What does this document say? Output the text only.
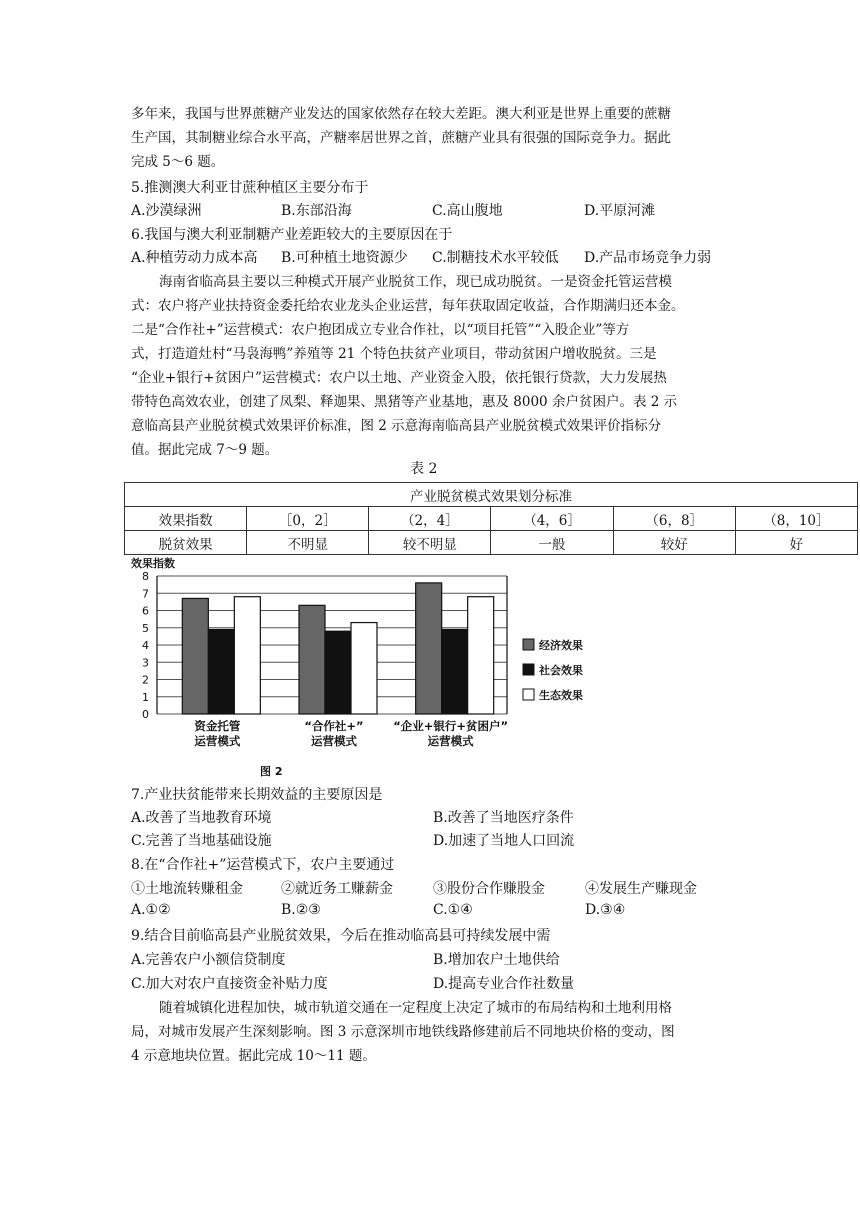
多年来，我国与世界蔗糖产业发达的国家依然存在较大差距。澳大利亚是世界上重要的蔗糖
生产国，其制糖业综合水平高，产糖率居世界之首，蔗糖产业具有很强的国际竞争力。据此
完成 5～6 题。
5.推测澳大利亚甘蔗种植区主要分布于
A.沙漠绿洲	B.东部沿海	C.高山腹地	D.平原河滩
6.我国与澳大利亚制糖产业差距较大的主要原因在于
A.种植劳动力成本高 B.可种植土地资源少 C.制糖技术水平较低 D.产品市场竞争力弱
海南省临高县主要以三种模式开展产业脱贫工作，现已成功脱贫。一是资金托管运营模
式：农户将产业扶持资金委托给农业龙头企业运营，每年获取固定收益，合作期满归还本金。
二是“合作社+”运营模式：农户抱团成立专业合作社，以“项目托管”“入股企业”等方
式，打造道灶村“马袅海鸭”养殖等 21 个特色扶贫产业项目，带动贫困户增收脱贫。三是
“企业+银行+贫困户”运营模式：农户以土地、产业资金入股，依托银行贷款，大力发展热
带特色高效农业，创建了凤梨、释迦果、黑猪等产业基地，惠及 8000 余户贫困户。表 2 示
意临高县产业脱贫模式效果评价标准，图 2 示意海南临高县产业脱贫模式效果评价指标分
值。据此完成 7～9 题。
表 2
产业脱贫模式效果划分标准					
效果指数	［0，2］	（2，4］	（4，6］	（6，8］	（8，10］
脱贫效果	不明显	较不明显	一般	较好	好
效果指数
0
1
2
3
4
5
6
7
8
资金托管
运营模式
“合作社+”
运营模式
“企业+银行+贫困户”
运营模式
经济效果
社会效果
生态效果
图 2
7.产业扶贫能带来长期效益的主要原因是
A.改善了当地教育环境	B.改善了当地医疗条件
C.完善了当地基础设施	D.加速了当地人口回流
8.在“合作社+”运营模式下，农户主要通过
①土地流转赚租金	②就近务工赚薪金	③股份合作赚股金	④发展生产赚现金
A.①②	B.②③	C.①④	D.③④
9.结合目前临高县产业脱贫效果，今后在推动临高县可持续发展中需
A.完善农户小额信贷制度	B.增加农户土地供给
C.加大对农户直接资金补贴力度	D.提高专业合作社数量
随着城镇化进程加快，城市轨道交通在一定程度上决定了城市的布局结构和土地利用格
局，对城市发展产生深刻影响。图 3 示意深圳市地铁线路修建前后不同地块价格的变动，图
4 示意地块位置。据此完成 10～11 题。
